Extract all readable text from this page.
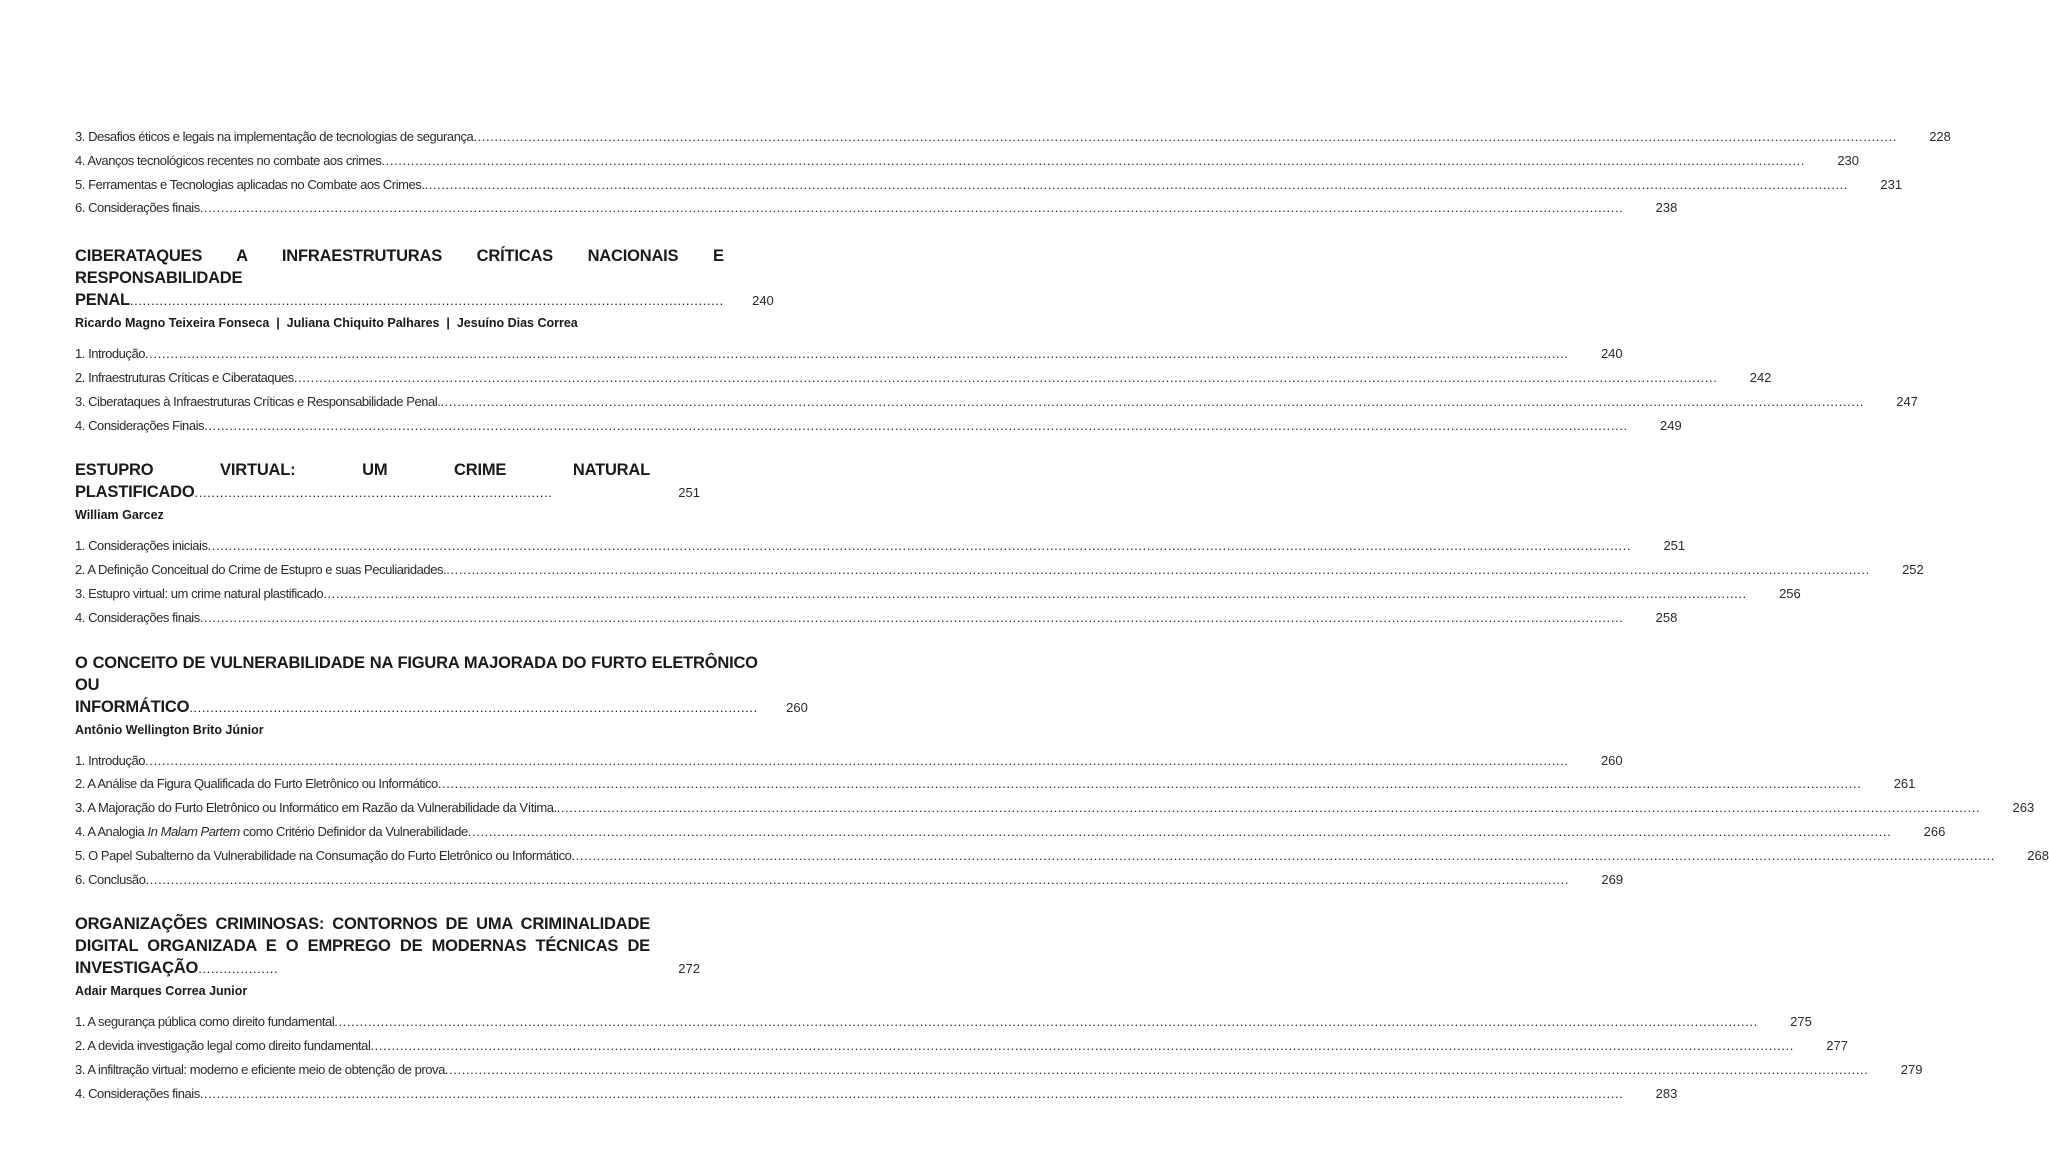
3. Desafios éticos e legais na implementação de tecnologias de segurança .....	228
4. Avanços tecnológicos recentes no combate aos crimes .....	230
5. Ferramentas e Tecnologias aplicadas no Combate aos Crimes. .....	231
6. Considerações finais .....	238
CIBERATAQUES A INFRAESTRUTURAS CRÍTICAS NACIONAIS E RESPONSABILIDADE PENAL.............................................................................................................................................	240
Ricardo Magno Teixeira Fonseca  |  Juliana Chiquito Palhares  |  Jesuíno Dias Correa
1. Introdução .....	240
2. Infraestruturas Críticas e Ciberataques .....	242
3. Ciberataques à Infraestruturas Críticas e Responsabilidade Penal. .....	247
4. Considerações Finais .....	249
ESTUPRO VIRTUAL: UM CRIME NATURAL PLASTIFICADO.....................................................................................	251
William Garcez
1. Considerações iniciais .....	251
2. A Definição Conceitual do Crime de Estupro e suas Peculiaridades. .....	252
3. Estupro virtual: um crime natural plastificado .....	256
4. Considerações finais .....	258
O CONCEITO DE VULNERABILIDADE NA FIGURA MAJORADA DO FURTO ELETRÔNICO OU INFORMÁTICO.......................................................................................................................................	260
Antônio Wellington Brito Júnior
1. Introdução .....	260
2. A Análise da Figura Qualificada do Furto Eletrônico ou Informático .....	261
3. A Majoração do Furto Eletrônico ou Informático em Razão da Vulnerabilidade da Vítima. .....	263
4. A Analogia In Malam Partem como Critério Definidor da Vulnerabilidade .....	266
5. O Papel Subalterno da Vulnerabilidade na Consumação do Furto Eletrônico ou Informático .....	268
6. Conclusão .....	269
ORGANIZAÇÕES CRIMINOSAS: CONTORNOS DE UMA CRIMINALIDADE DIGITAL ORGANIZADA E O EMPREGO DE MODERNAS TÉCNICAS DE INVESTIGAÇÃO...................	272
Adair Marques Correa Junior
1. A segurança pública como direito fundamental .....	275
2. A devida investigação legal como direito fundamental .....	277
3. A infiltração virtual: moderno e eficiente meio de obtenção de prova .....	279
4. Considerações finais .....	283
